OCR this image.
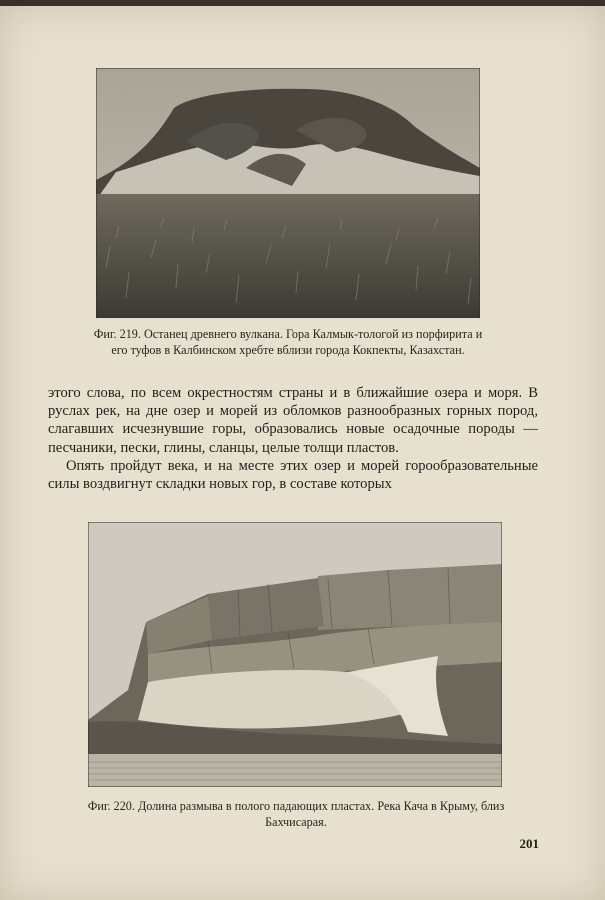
Фиг. 219. Останец древнего вулкана. Гора Калмык-тологой из порфирита и его туфов в Калбинском хребте вблизи города Кокпекты, Казахстан.

этого слова, по всем окрестностям страны и в ближайшие озера и моря. В руслах рек, на дне озер и морей из обломков разнообразных горных пород, слагавших исчезнувшие горы, образовались новые осадочные породы — песчаники, пески, глины, сланцы, целые толщи пластов.

Опять пройдут века, и на месте этих озер и морей горообразовательные силы воздвигнут складки новых гор, в составе которых

Фиг. 220. Долина размыва в полого падающих пластах. Река Кача в Крыму, близ Бахчисарая.
201
